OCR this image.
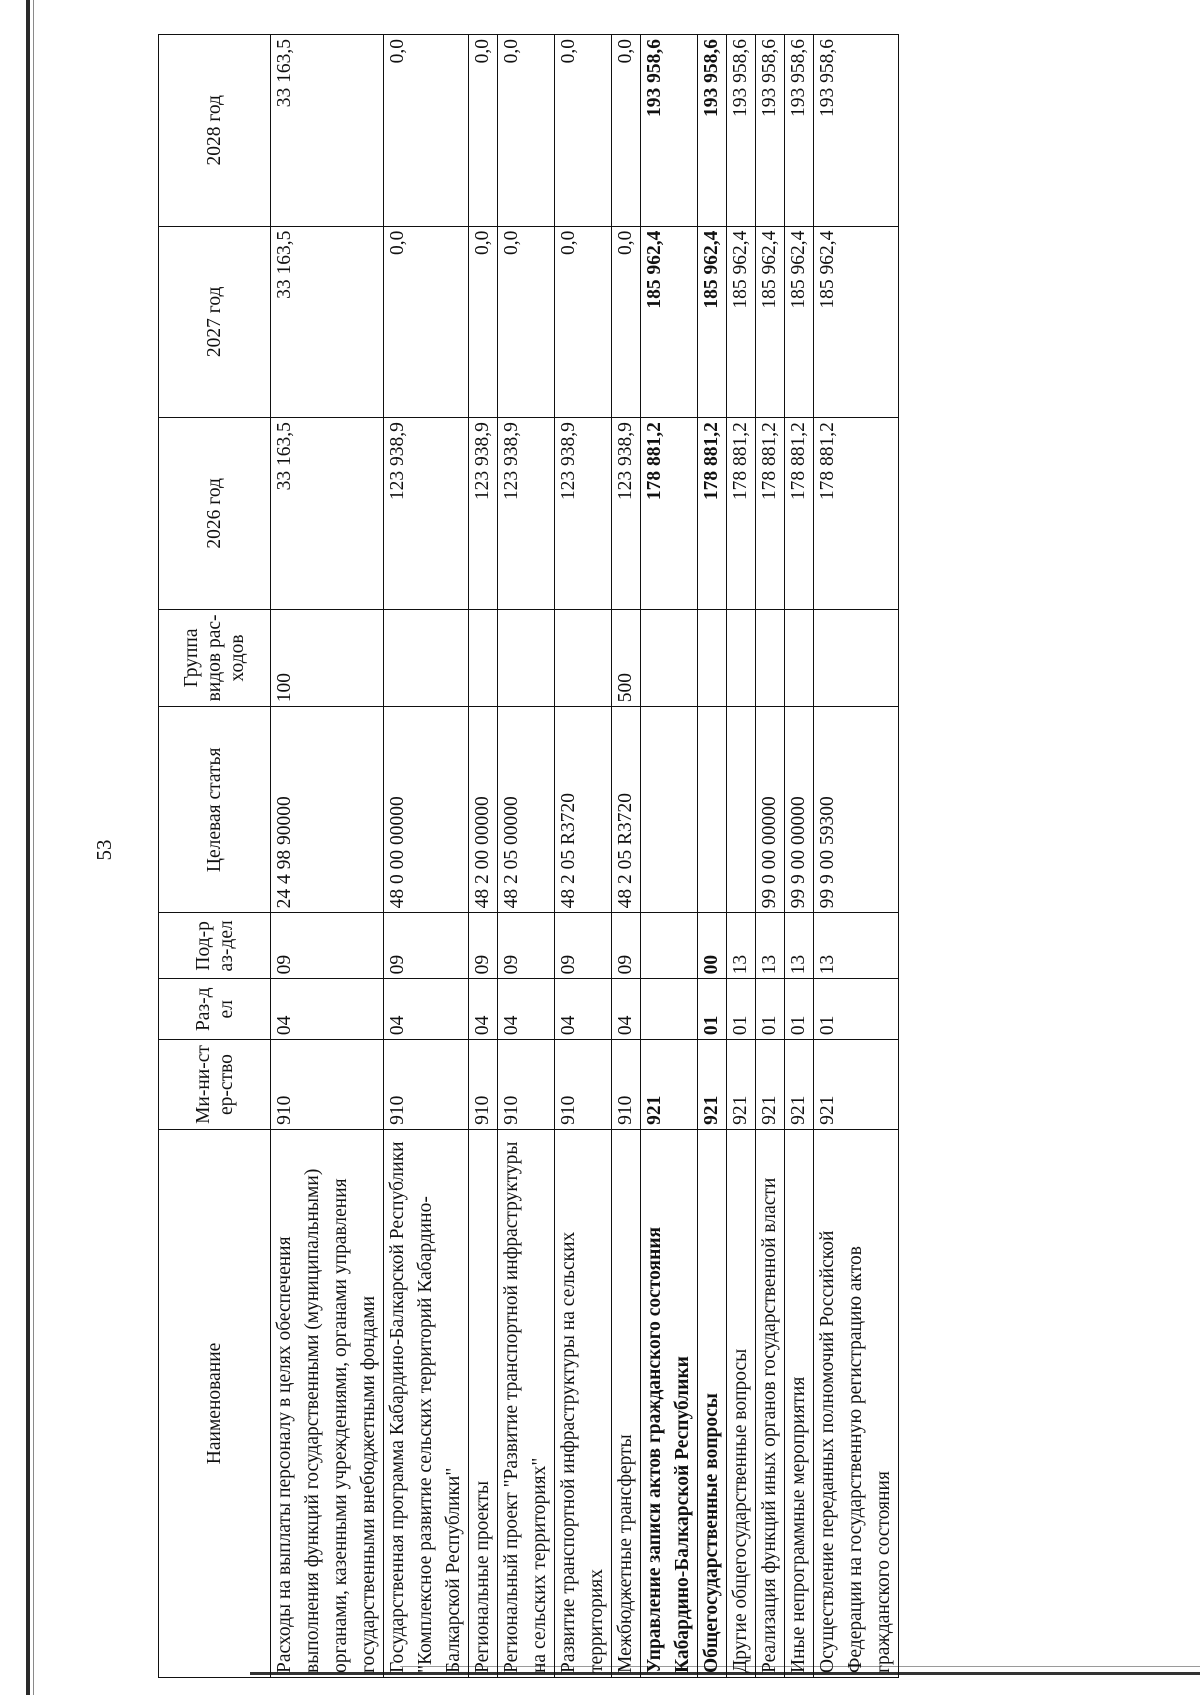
53
Наименование	Ми-ни-стер-ство	Раз-дел	Под-раз-дел	Целевая статья	Группа видов рас-ходов	2026 год	2027 год	2028 год
Расходы на выплаты персоналу в целях обеспечения выполнения функций государственными (муниципальными) органами, казенными учреждениями, органами управления государственными внебюджетными фондами	910	04	09	24 4 98 90000	100	33 163,5	33 163,5	33 163,5
Государственная программа Кабардино-Балкарской Республики "Комплексное развитие сельских территорий Кабардино-Балкарской Республики"	910	04	09	48 0 00 00000		123 938,9	0,0	0,0
Региональные проекты	910	04	09	48 2 00 00000		123 938,9	0,0	0,0
Региональный проект "Развитие транспортной инфраструктуры на сельских территориях"	910	04	09	48 2 05 00000		123 938,9	0,0	0,0
Развитие транспортной инфраструктуры на сельских территориях	910	04	09	48 2 05 R3720		123 938,9	0,0	0,0
Межбюджетные трансферты	910	04	09	48 2 05 R3720	500	123 938,9	0,0	0,0
Управление записи актов гражданского состояния Кабардино-Балкарской Республики	921					178 881,2	185 962,4	193 958,6
Общегосударственные вопросы	921	01	00			178 881,2	185 962,4	193 958,6
Другие общегосударственные вопросы	921	01	13			178 881,2	185 962,4	193 958,6
Реализация функций иных органов государственной власти	921	01	13	99 0 00 00000		178 881,2	185 962,4	193 958,6
Иные непрограммные мероприятия	921	01	13	99 9 00 00000		178 881,2	185 962,4	193 958,6
Осуществление переданных полномочий Российской Федерации на государственную регистрацию актов гражданского состояния	921	01	13	99 9 00 59300		178 881,2	185 962,4	193 958,6
